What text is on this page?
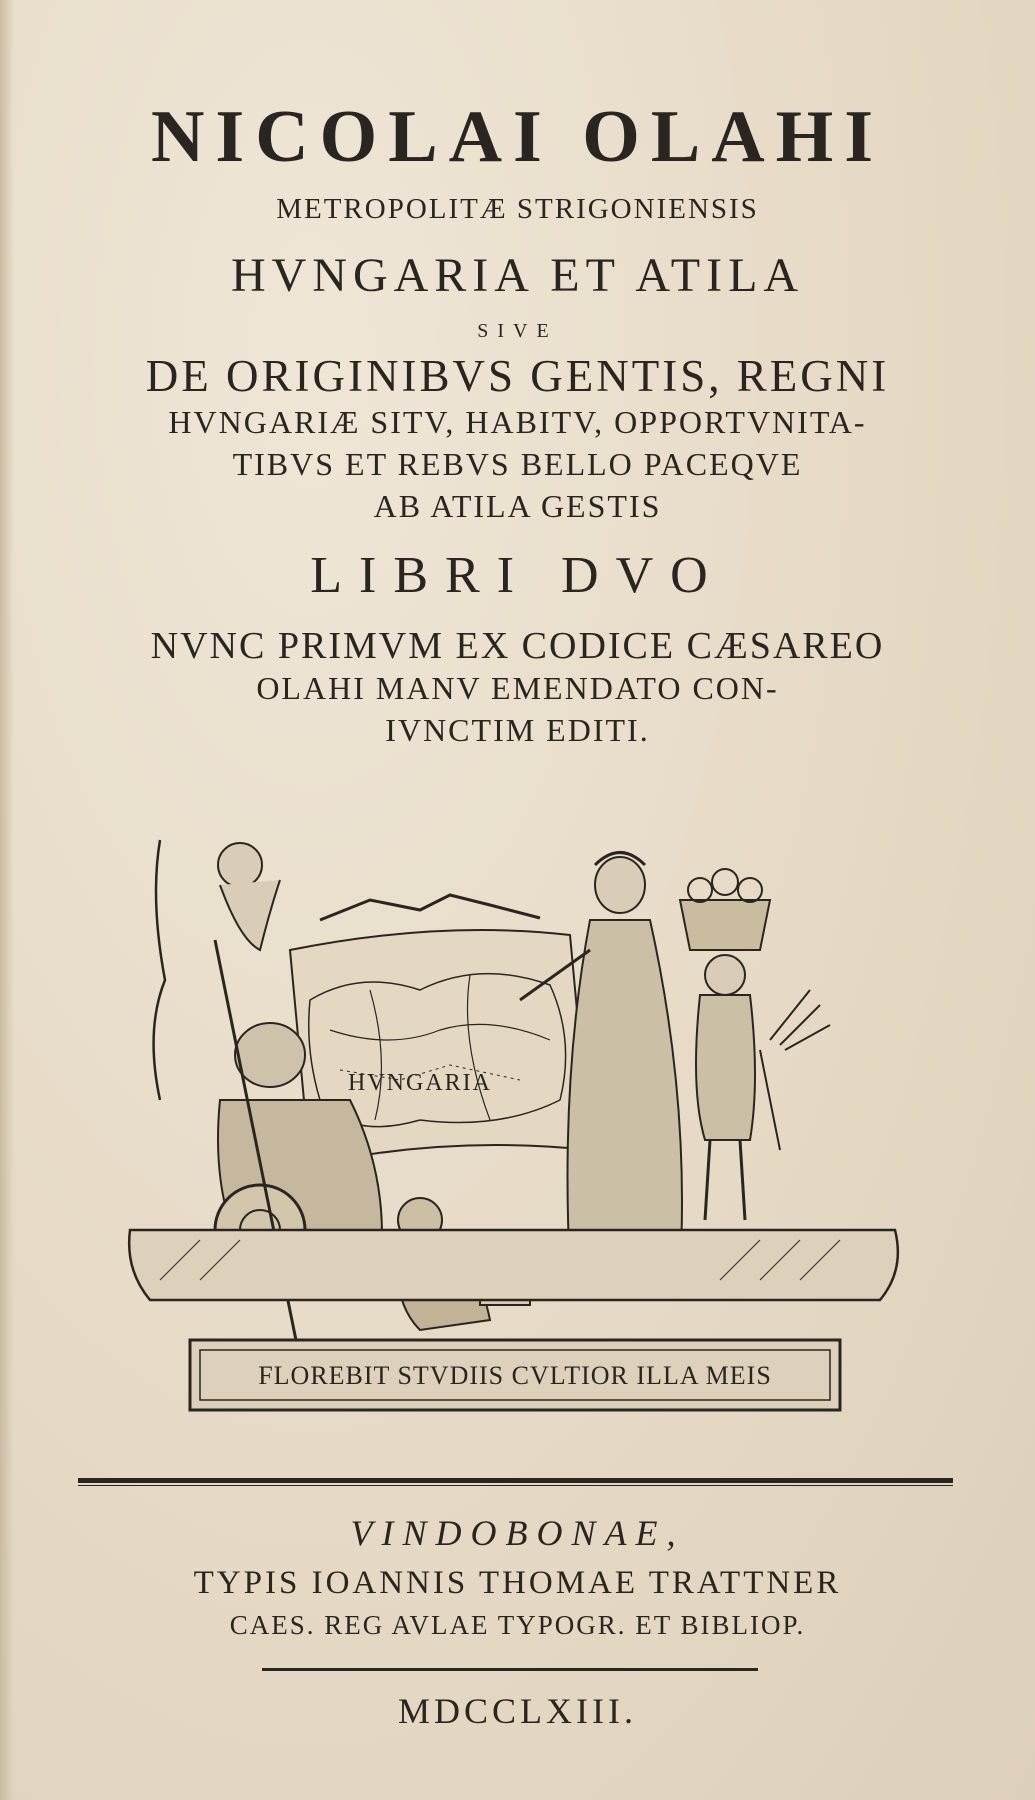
NICOLAI OLAHI
METROPOLITÆ STRIGONIENSIS
HVNGARIA ET ATILA
SIVE
DE ORIGINIBVS GENTIS, REGNI
HVNGARIÆ SITV, HABITV, OPPORTVNITA-
TIBVS ET REBVS BELLO PACEQVE
AB ATILA GESTIS
LIBRI DVO
NVNC PRIMVM EX CODICE CÆSAREO
OLAHI MANV EMENDATO CON-
IVNCTIM EDITI.
HVNGARIA
FLOREBIT STVDIIS CVLTIOR ILLA MEIS
VINDOBONAE,
TYPIS IOANNIS THOMAE TRATTNER
CAES. REG AVLAE TYPOGR. ET BIBLIOP.
MDCCLXIII.
